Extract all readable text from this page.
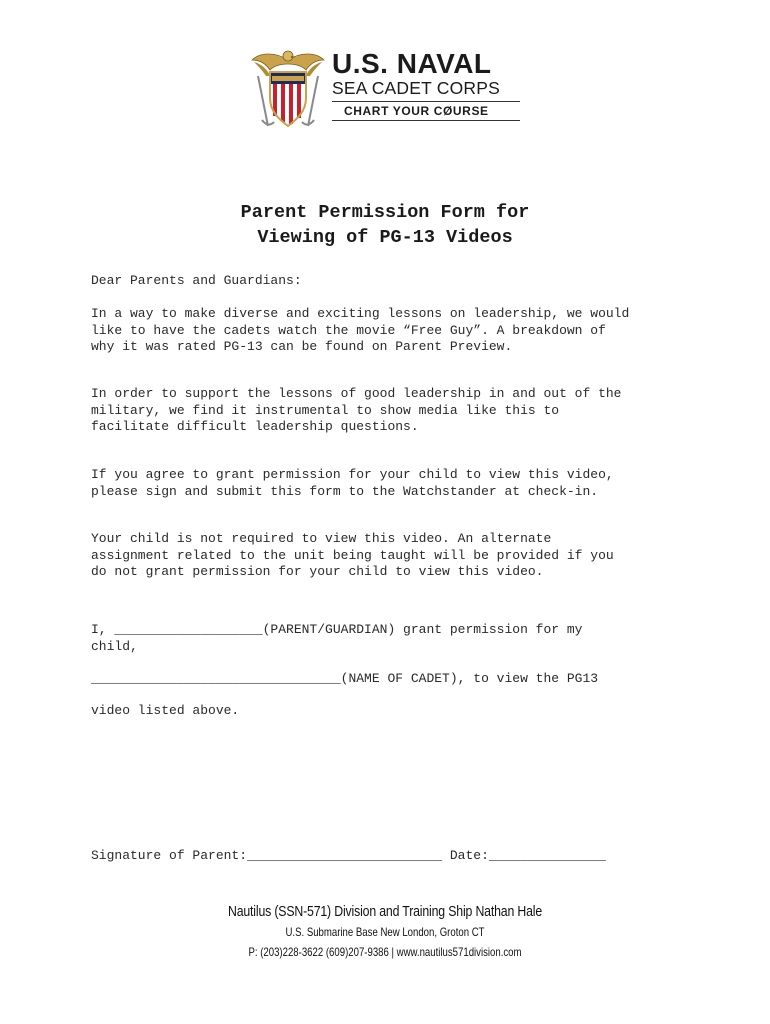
U.S. NAVAL
SEA CADET CORPS
CHART YOUR CØURSE
Parent Permission Form for
Viewing of PG-13 Videos
Dear Parents and Guardians:
In a way to make diverse and exciting lessons on leadership, we would
like to have the cadets watch the movie “Free Guy”. A breakdown of
why it was rated PG-13 can be found on Parent Preview.
In order to support the lessons of good leadership in and out of the
military, we find it instrumental to show media like this to
facilitate difficult leadership questions.
If you agree to grant permission for your child to view this video,
please sign and submit this form to the Watchstander at check-in.
Your child is not required to view this video. An alternate
assignment related to the unit being taught will be provided if you
do not grant permission for your child to view this video.
I, ___________________(PARENT/GUARDIAN) grant permission for my
child,
________________________________(NAME OF CADET), to view the PG13
video listed above.
Signature of Parent:_________________________ Date:_______________
Nautilus (SSN-571) Division and Training Ship Nathan Hale
U.S. Submarine Base New London, Groton CT
P: (203)228-3622 (609)207-9386 | www.nautilus571division.com
